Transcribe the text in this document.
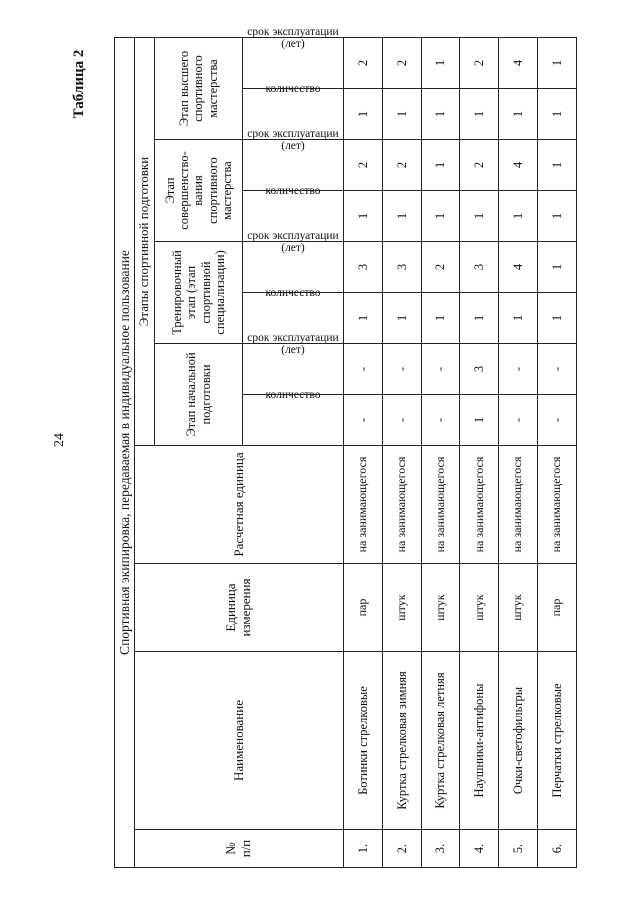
24
Таблица 2
Спортивная экипировка, передаваемая в индивидуальное пользование											
№
п/п	Наименование	Единица измерения	Расчетная единица	Этапы спортивной подготовки							
				Этап начальной подготовки		Тренировочный этап (этап спортивной специализации)		Этап совершенство-вания спортивного мастерства		Этап высшего спортивного мастерства	

количество	срок эксплуатации (лет)	количество	срок эксплуатации (лет)	количество	срок эксплуатации (лет)	количество	срок эксплуатации (лет)

1.	Ботинки стрелковые	пар	на занимающегося	-	-	1	3	1	2	1	2
2.	Куртка стрелковая зимняя	штук	на занимающегося	-	-	1	3	1	2	1	2
3.	Куртка стрелковая летняя	штук	на занимающегося	-	-	1	2	1	1	1	1
4.	Наушники-антифоны	штук	на занимающегося	1	3	1	3	1	2	1	2
5.	Очки-светофильтры	штук	на занимающегося	-	-	1	4	1	4	1	4
6.	Перчатки стрелковые	пар	на занимающегося	-	-	1	1	1	1	1	1
